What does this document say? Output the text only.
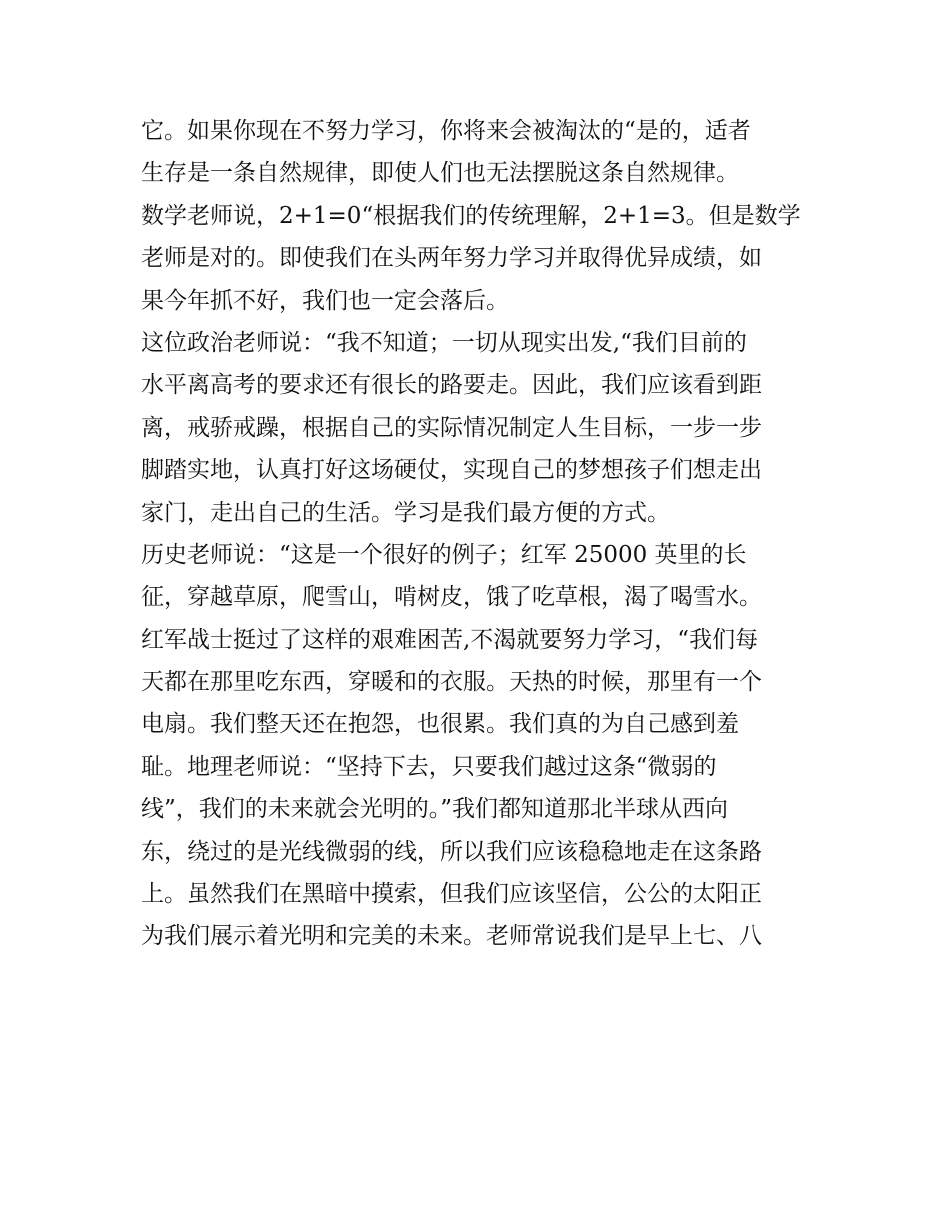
它。如果你现在不努力学习，你将来会被淘汰的“是的，适者
生存是一条自然规律，即使人们也无法摆脱这条自然规律。
数学老师说，2+1=0“根据我们的传统理解，2+1=3。但是数学
老师是对的。即使我们在头两年努力学习并取得优异成绩，如
果今年抓不好，我们也一定会落后。
这位政治老师说：“我不知道；一切从现实出发,“我们目前的
水平离高考的要求还有很长的路要走。因此，我们应该看到距
离，戒骄戒躁，根据自己的实际情况制定人生目标，一步一步
脚踏实地，认真打好这场硬仗，实现自己的梦想孩子们想走出
家门，走出自己的生活。学习是我们最方便的方式。
历史老师说：“这是一个很好的例子；红军 25000 英里的长
征，穿越草原，爬雪山，啃树皮，饿了吃草根，渴了喝雪水。
红军战士挺过了这样的艰难困苦,不渴就要努力学习，“我们每
天都在那里吃东西，穿暖和的衣服。天热的时候，那里有一个
电扇。我们整天还在抱怨，也很累。我们真的为自己感到羞
耻。地理老师说：“坚持下去，只要我们越过这条“微弱的
线”，我们的未来就会光明的。”我们都知道那北半球从西向
东，绕过的是光线微弱的线，所以我们应该稳稳地走在这条路
上。虽然我们在黑暗中摸索，但我们应该坚信，公公的太阳正
为我们展示着光明和完美的未来。老师常说我们是早上七、八
